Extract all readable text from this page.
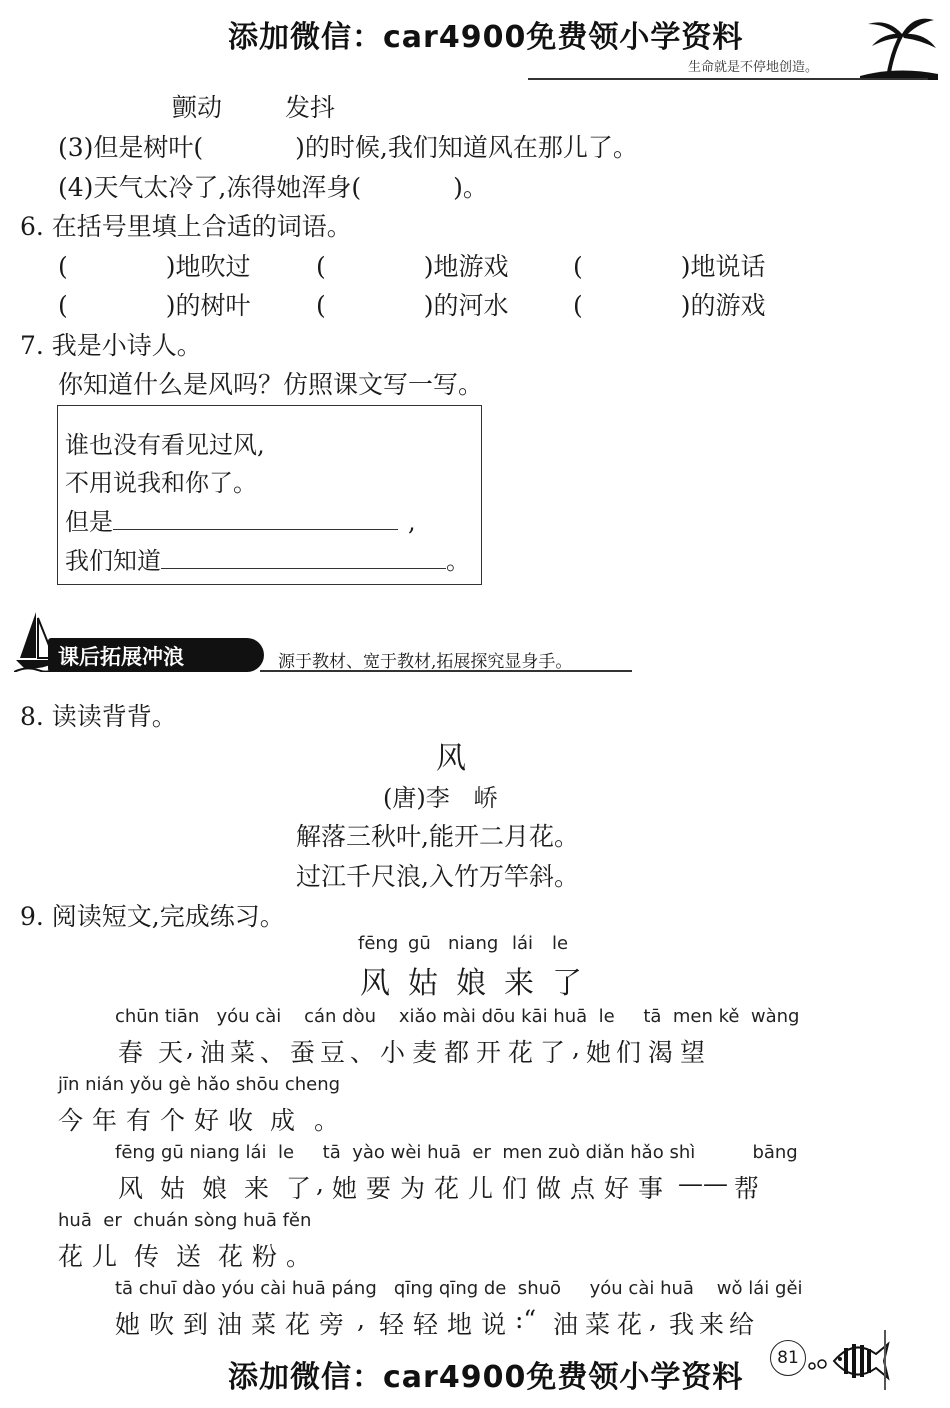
添加微信：car4900免费领小学资料
生命就是不停地创造。
颤动	发抖
(3)但是树叶(	)的时候,我们知道风在那儿了。
(4)天气太冷了,冻得她浑身(	)。
6. 在括号里填上合适的词语。
(	)地吹过	(	)地游戏	(	)地说话
(	)的树叶	(	)的河水	(	)的游戏
7. 我是小诗人。
你知道什么是风吗？仿照课文写一写。
谁也没有看见过风,
不用说我和你了。
但是	,
我们知道	。
课后拓展冲浪	源于教材、宽于教材,拓展探究显身手。
8. 读读背背。
风
(唐)李　峤
解落三秋叶,能开二月花。
过江千尺浪,入竹万竿斜。
9. 阅读短文,完成练习。
fēng gū niang lái	le
风 姑 娘 来 了
chūn tiān   yóu cài    cán dòu    xiǎo mài dōu kāi huā  le     tā  men kě  wàng
春 天 , 油 菜 、 蚕 豆 、 小 麦 都 开 花 了 , 她 们 渴 望
jīn nián yǒu gè hǎo shōu cheng
今 年 有 个 好 收 成 。
fēng gū niang lái  le     tā  yào wèi huā  er  men zuò diǎn hǎo shì          bāng
风 姑 娘 来 了 , 她 要 为 花 儿 们 做 点 好 事 —— 帮
huā  er  chuán sòng huā fěn
花 儿 传 送 花 粉 。
tā chuī dào yóu cài huā páng   qīng qīng de  shuō     yóu cài huā    wǒ lái gěi
她 吹 到 油 菜 花 旁 , 轻 轻 地 说 :“ 油 菜 花 , 我 来 给
添加微信：car4900免费领小学资料
81
